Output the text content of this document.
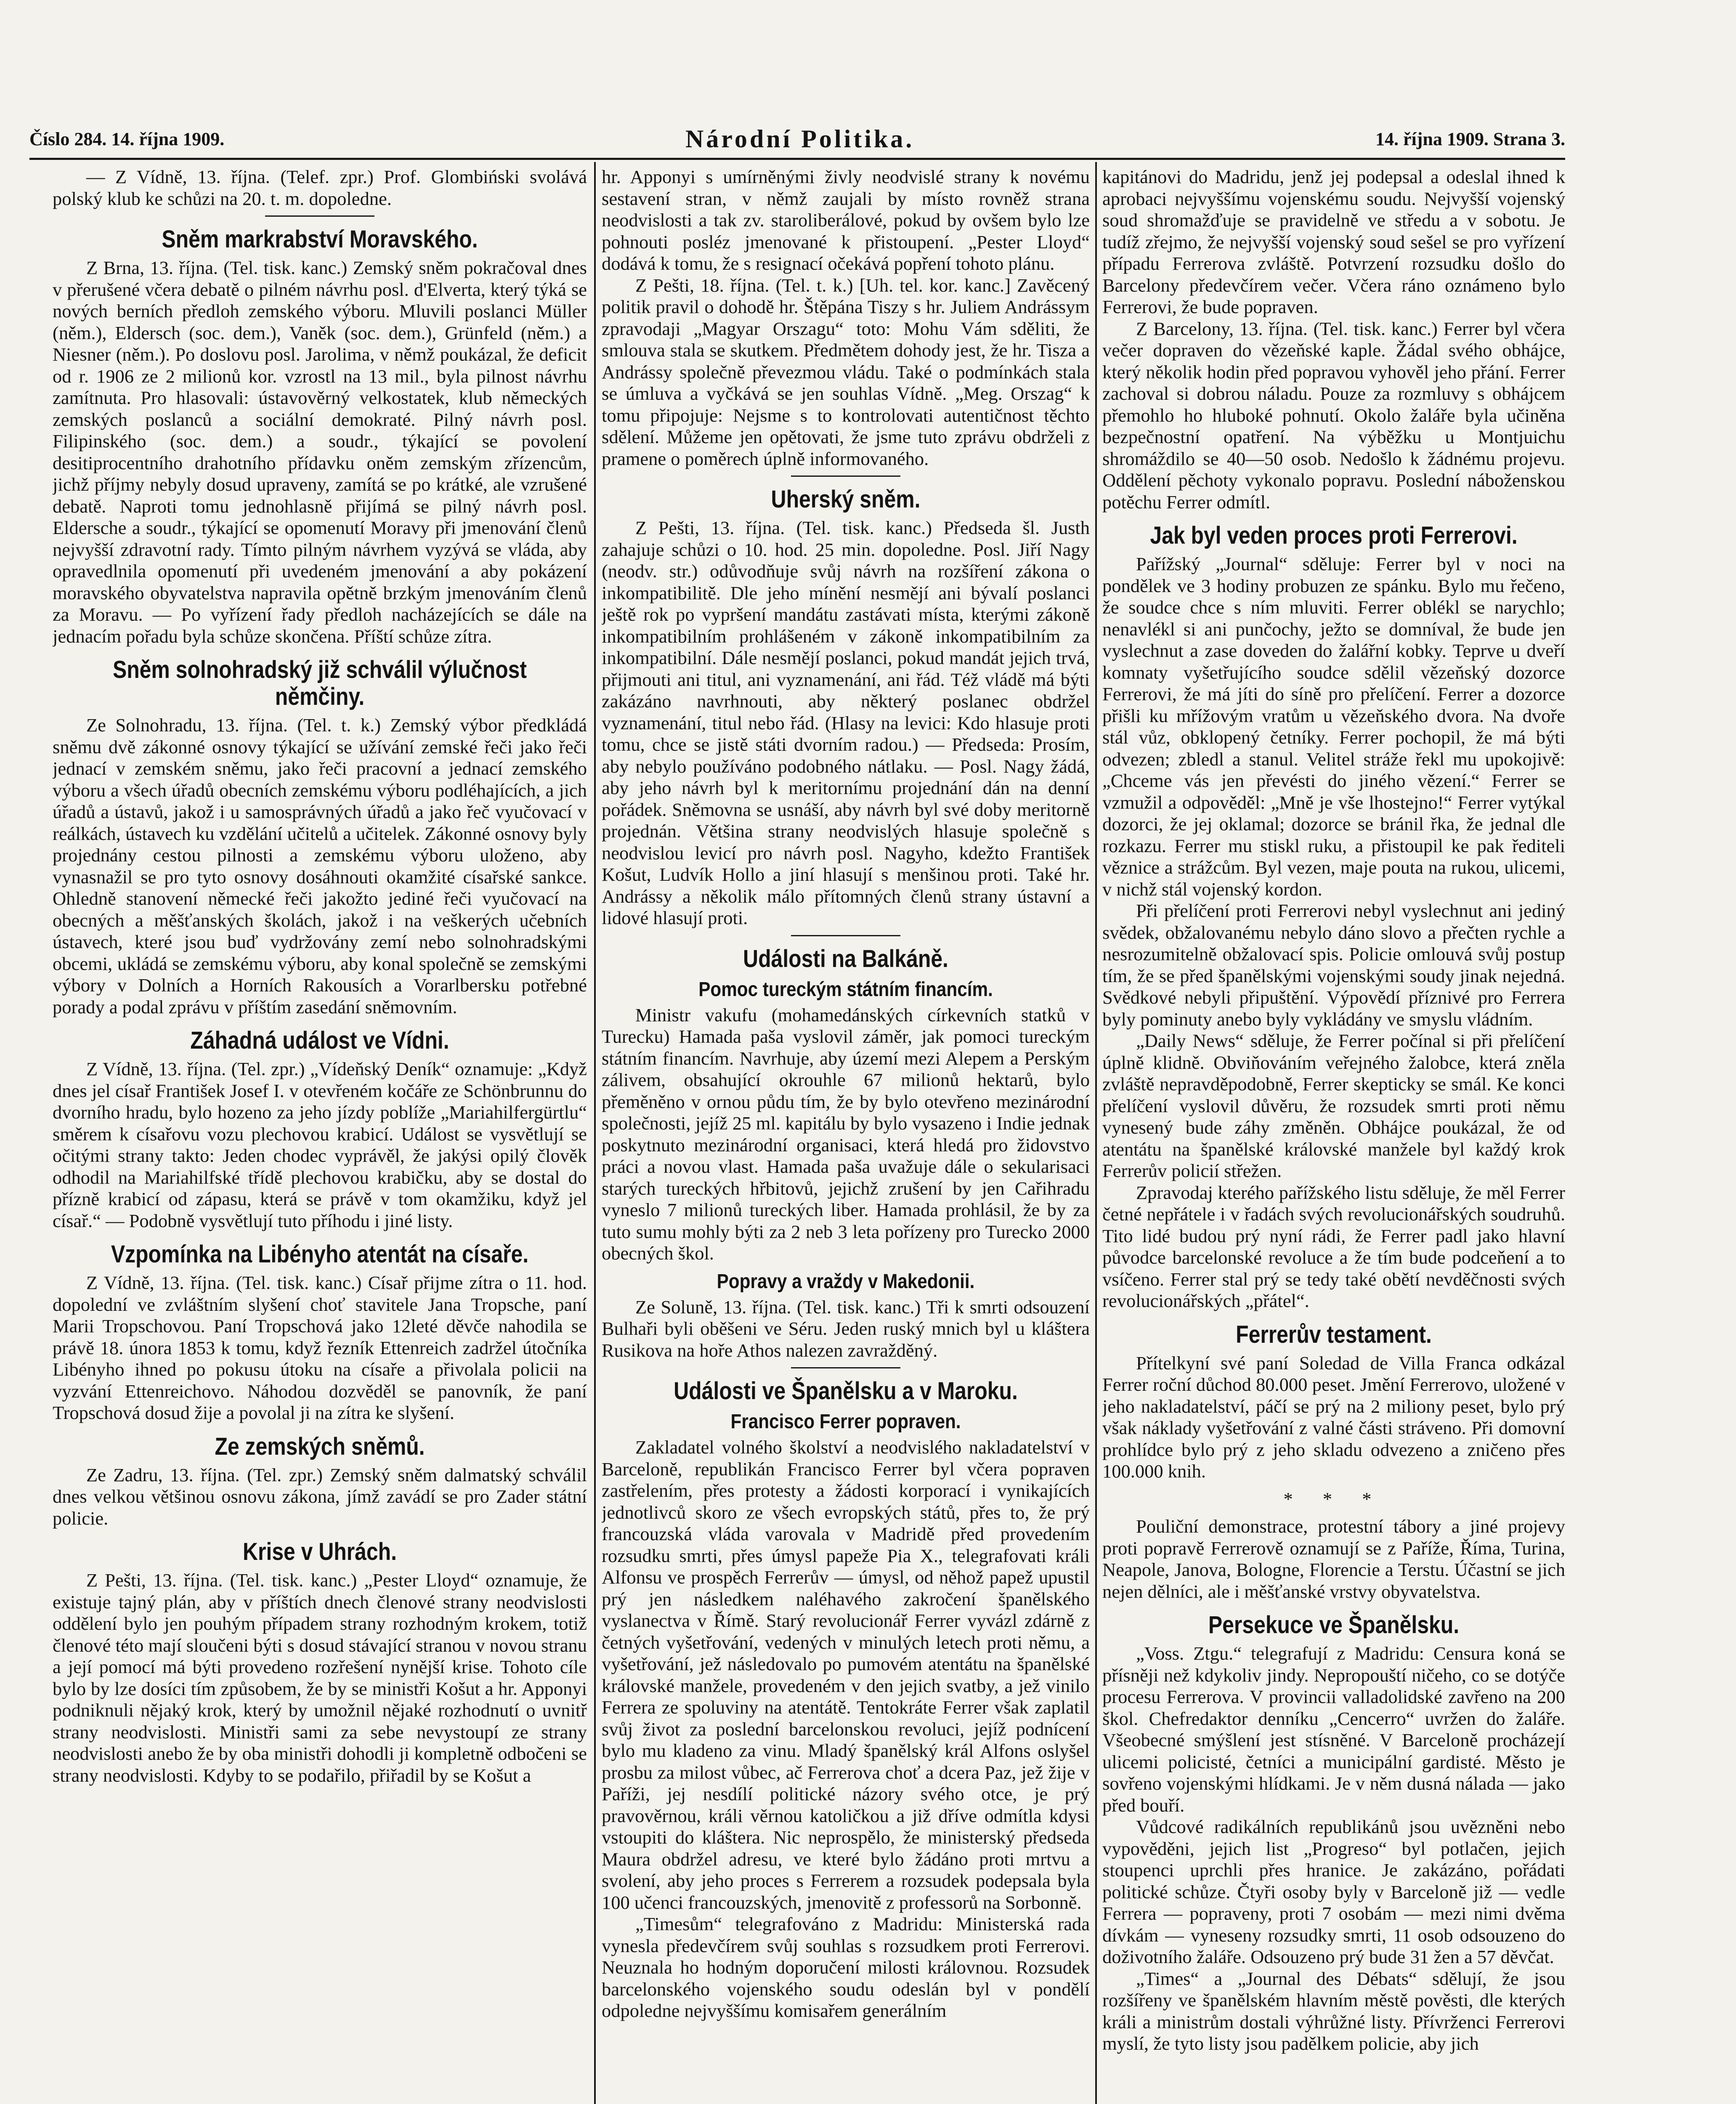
Číslo 284. 14. října 1909.	Národní Politika.	14. října 1909. Strana 3.

— Z Vídně, 13. října. (Telef. zpr.) Prof. Glombiński svolává polský klub ke schůzi na 20. t. m. dopoledne.

Sněm markrabství Moravského.

Z Brna, 13. října. (Tel. tisk. kanc.) Zemský sněm pokračoval dnes v přerušené včera debatě o pilném návrhu posl. d'Elverta, který týká se nových berních předloh zemského výboru. Mluvili poslanci Müller (něm.), Eldersch (soc. dem.), Vaněk (soc. dem.), Grünfeld (něm.) a Niesner (něm.). Po doslovu posl. Jarolima, v němž poukázal, že deficit od r. 1906 ze 2 milionů kor. vzrostl na 13 mil., byla pilnost návrhu zamítnuta. Pro hlasovali: ústavověrný velkostatek, klub německých zemských poslanců a sociální demokraté. Pilný návrh posl. Filipinského (soc. dem.) a soudr., týkající se povolení desitiprocentního drahotního přídavku oněm zemským zřízencům, jichž příjmy nebyly dosud upraveny, zamítá se po krátké, ale vzrušené debatě. Naproti tomu jednohlasně přijímá se pilný návrh posl. Eldersche a soudr., týkající se opomenutí Moravy při jmenování členů nejvyšší zdravotní rady. Tímto pilným návrhem vyzývá se vláda, aby opravedlnila opomenutí při uvedeném jmenování a aby pokázení moravského obyvatelstva napravila opětně brzkým jmenováním členů za Moravu. — Po vyřízení řady předloh nacházejících se dále na jednacím pořadu byla schůze skončena. Příští schůze zítra.

Sněm solnohradský již schválil výlučnost němčiny.

Ze Solnohradu, 13. října. (Tel. t. k.) Zemský výbor předkládá sněmu dvě zákonné osnovy týkající se užívání zemské řeči jako řeči jednací v zemském sněmu, jako řeči pracovní a jednací zemského výboru a všech úřadů obecních zemskému výboru podléhajících, a jich úřadů a ústavů, jakož i u samosprávných úřadů a jako řeč vyučovací v reálkách, ústavech ku vzdělání učitelů a učitelek. Zákonné osnovy byly projednány cestou pilnosti a zemskému výboru uloženo, aby vynasnažil se pro tyto osnovy dosáhnouti okamžité císařské sankce. Ohledně stanovení německé řeči jakožto jediné řeči vyučovací na obecných a měšťanských školách, jakož i na veškerých učebních ústavech, které jsou buď vydržovány zemí nebo solnohradskými obcemi, ukládá se zemskému výboru, aby konal společně se zemskými výbory v Dolních a Horních Rakousích a Vorarlbersku potřebné porady a podal zprávu v příštím zasedání sněmovním.

Záhadná událost ve Vídni.

Z Vídně, 13. října. (Tel. zpr.) „Vídeňský Deník“ oznamuje: „Když dnes jel císař František Josef I. v otevřeném kočáře ze Schönbrunnu do dvorního hradu, bylo hozeno za jeho jízdy poblíže „Mariahilfergürtlu“ směrem k císařovu vozu plechovou krabicí. Událost se vysvětlují se očitými strany takto: Jeden chodec vyprávěl, že jakýsi opilý člověk odhodil na Mariahilfské třídě plechovou krabičku, aby se dostal do přízně krabicí od zápasu, která se právě v tom okamžiku, když jel císař.“ — Podobně vysvětlují tuto příhodu i jiné listy.

Vzpomínka na Libényho atentát na císaře.

Z Vídně, 13. října. (Tel. tisk. kanc.) Císař přijme zítra o 11. hod. dopolední ve zvláštním slyšení choť stavitele Jana Tropsche, paní Marii Tropschovou. Paní Tropschová jako 12leté děvče nahodila se právě 18. února 1853 k tomu, když řezník Ettenreich zadržel útočníka Libényho ihned po pokusu útoku na císaře a přivolala policii na vyzvání Ettenreichovo. Náhodou dozvěděl se panovník, že paní Tropschová dosud žije a povolal ji na zítra ke slyšení.

Ze zemských sněmů.

Ze Zadru, 13. října. (Tel. zpr.) Zemský sněm dalmatský schválil dnes velkou většinou osnovu zákona, jímž zavádí se pro Zader státní policie.

Krise v Uhrách.

Z Pešti, 13. října. (Tel. tisk. kanc.) „Pester Lloyd“ oznamuje, že existuje tajný plán, aby v příštích dnech členové strany neodvislosti oddělení bylo jen pouhým případem strany rozhodným krokem, totiž členové této mají sloučeni býti s dosud stávající stranou v novou stranu a její pomocí má býti provedeno rozřešení nynější krise. Tohoto cíle bylo by lze dosíci tím způsobem, že by se ministři Košut a hr. Apponyi podniknuli nějaký krok, který by umožnil nějaké rozhodnutí o uvnitř strany neodvislosti. Ministři sami za sebe nevystoupí ze strany neodvislosti anebo že by oba ministři dohodli ji kompletně odbočeni se strany neodvislosti. Kdyby to se podařilo, přiřadil by se Košut a

hr. Apponyi s umírněnými živly neodvislé strany k novému sestavení stran, v němž zaujali by místo rovněž strana neodvislosti a tak zv. staroliberálové, pokud by ovšem bylo lze pohnouti posléz jmenované k přistoupení. „Pester Lloyd“ dodává k tomu, že s resignací očekává popření tohoto plánu.

Z Pešti, 18. října. (Tel. t. k.) [Uh. tel. kor. kanc.] Zavěcený politik pravil o dohodě hr. Štěpána Tiszy s hr. Juliem Andrássym zpravodaji „Magyar Orszagu“ toto: Mohu Vám sděliti, že smlouva stala se skutkem. Předmětem dohody jest, že hr. Tisza a Andrássy společně převezmou vládu. Také o podmínkách stala se úmluva a vyčkává se jen souhlas Vídně. „Meg. Orszag“ k tomu připojuje: Nejsme s to kontrolovati autentičnost těchto sdělení. Můžeme jen opětovati, že jsme tuto zprávu obdrželi z pramene o poměrech úplně informovaného.

Uherský sněm.

Z Pešti, 13. října. (Tel. tisk. kanc.) Předseda šl. Justh zahajuje schůzi o 10. hod. 25 min. dopoledne. Posl. Jiří Nagy (neodv. str.) odůvodňuje svůj návrh na rozšíření zákona o inkompatibilitě. Dle jeho mínění nesmějí ani bývalí poslanci ještě rok po vypršení mandátu zastávati místa, kterými zákoně inkompatibilním prohlášeném v zákoně inkompatibilním za inkompatibilní. Dále nesmějí poslanci, pokud mandát jejich trvá, přijmouti ani titul, ani vyznamenání, ani řád. Též vládě má býti zakázáno navrhnouti, aby některý poslanec obdržel vyznamenání, titul nebo řád. (Hlasy na levici: Kdo hlasuje proti tomu, chce se jistě státi dvorním radou.) — Předseda: Prosím, aby nebylo používáno podobného nátlaku. — Posl. Nagy žádá, aby jeho návrh byl k meritornímu projednání dán na denní pořádek. Sněmovna se usnáší, aby návrh byl své doby meritorně projednán. Většina strany neodvislých hlasuje společně s neodvislou levicí pro návrh posl. Nagyho, kdežto František Košut, Ludvík Hollo a jiní hlasují s menšinou proti. Také hr. Andrássy a několik málo přítomných členů strany ústavní a lidové hlasují proti.

Události na Balkáně.
Pomoc tureckým státním financím.

Ministr vakufu (mohamedánských církevních statků v Turecku) Hamada paša vyslovil záměr, jak pomoci tureckým státním financím. Navrhuje, aby území mezi Alepem a Perským zálivem, obsahující okrouhle 67 milionů hektarů, bylo přeměněno v ornou půdu tím, že by bylo otevřeno mezinárodní společnosti, jejíž 25 ml. kapitálu by bylo vysazeno i Indie jednak poskytnuto mezinárodní organisaci, která hledá pro židovstvo práci a novou vlast. Hamada paša uvažuje dále o sekularisaci starých tureckých hřbitovů, jejichž zrušení by jen Cařihradu vyneslo 7 milionů tureckých liber. Hamada prohlásil, že by za tuto sumu mohly býti za 2 neb 3 leta pořízeny pro Turecko 2000 obecných škol.

Popravy a vraždy v Makedonii.

Ze Soluně, 13. října. (Tel. tisk. kanc.) Tři k smrti odsouzení Bulhaři byli oběšeni ve Séru. Jeden ruský mnich byl u kláštera Rusikova na hoře Athos nalezen zavražděný.

Události ve Španělsku a v Maroku.
Francisco Ferrer popraven.

Zakladatel volného školství a neodvislého nakladatelství v Barceloně, republikán Francisco Ferrer byl včera popraven zastřelením, přes protesty a žádosti korporací i vynikajících jednotlivců skoro ze všech evropských států, přes to, že prý francouzská vláda varovala v Madridě před provedením rozsudku smrti, přes úmysl papeže Pia X., telegrafovati králi Alfonsu ve prospěch Ferrerův — úmysl, od něhož papež upustil prý jen následkem naléhavého zakročení španělského vyslanectva v Římě. Starý revolucionář Ferrer vyvázl zdárně z četných vyšetřování, vedených v minulých letech proti němu, a vyšetřování, jež následovalo po pumovém atentátu na španělské královské manžele, provedeném v den jejich svatby, a jež vinilo Ferrera ze spoluviny na atentátě. Tentokráte Ferrer však zaplatil svůj život za poslední barcelonskou revoluci, jejíž podnícení bylo mu kladeno za vinu. Mladý španělský král Alfons oslyšel prosbu za milost vůbec, ač Ferrerova choť a dcera Paz, jež žije v Paříži, jej nesdílí politické názory svého otce, je prý pravověrnou, králi věrnou katoličkou a již dříve odmítla kdysi vstoupiti do kláštera. Nic neprospělo, že ministerský předseda Maura obdržel adresu, ve které bylo žádáno proti mrtvu a svolení, aby jeho proces s Ferrerem a rozsudek podepsala byla 100 učenci francouzských, jmenovitě z professorů na Sorbonně.

„Timesům“ telegrafováno z Madridu: Ministerská rada vynesla předevčírem svůj souhlas s rozsudkem proti Ferrerovi. Neuznala ho hodným doporučení milosti královnou. Rozsudek barcelonského vojenského soudu odeslán byl v pondělí odpoledne nejvyššímu komisařem generálním

kapitánovi do Madridu, jenž jej podepsal a odeslal ihned k aprobaci nejvyššímu vojenskému soudu. Nejvyšší vojenský soud shromažďuje se pravidelně ve středu a v sobotu. Je tudíž zřejmo, že nejvyšší vojenský soud sešel se pro vyřízení případu Ferrerova zvláště. Potvrzení rozsudku došlo do Barcelony předevčírem večer. Včera ráno oznámeno bylo Ferrerovi, že bude popraven.

Z Barcelony, 13. října. (Tel. tisk. kanc.) Ferrer byl včera večer dopraven do vězeňské kaple. Žádal svého obhájce, který několik hodin před popravou vyhověl jeho přání. Ferrer zachoval si dobrou náladu. Pouze za rozmluvy s obhájcem přemohlo ho hluboké pohnutí. Okolo žaláře byla učiněna bezpečnostní opatření. Na výběžku u Montjuichu shromáždilo se 40—50 osob. Nedošlo k žádnému projevu. Oddělení pěchoty vykonalo popravu. Poslední náboženskou potěchu Ferrer odmítl.

Jak byl veden proces proti Ferrerovi.

Pařížský „Journal“ sděluje: Ferrer byl v noci na pondělek ve 3 hodiny probuzen ze spánku. Bylo mu řečeno, že soudce chce s ním mluviti. Ferrer oblékl se narychlo; nenavlékl si ani punčochy, ježto se domníval, že bude jen vyslechnut a zase doveden do žalářní kobky. Teprve u dveří komnaty vyšetřujícího soudce sdělil vězeňský dozorce Ferrerovi, že má jíti do síně pro přelíčení. Ferrer a dozorce přišli ku mřížovým vratům u vězeňského dvora. Na dvoře stál vůz, obklopený četníky. Ferrer pochopil, že má býti odvezen; zbledl a stanul. Velitel stráže řekl mu upokojivě: „Chceme vás jen převésti do jiného vězení.“ Ferrer se vzmužil a odpověděl: „Mně je vše lhostejno!“ Ferrer vytýkal dozorci, že jej oklamal; dozorce se bránil řka, že jednal dle rozkazu. Ferrer mu stiskl ruku, a přistoupil ke pak řediteli věznice a strážcům. Byl vezen, maje pouta na rukou, ulicemi, v nichž stál vojenský kordon.

Při přelíčení proti Ferrerovi nebyl vyslechnut ani jediný svědek, obžalovanému nebylo dáno slovo a přečten rychle a nesrozumitelně obžalovací spis. Policie omlouvá svůj postup tím, že se před španělskými vojenskými soudy jinak nejedná. Svědkové nebyli připuštění. Výpovědí příznivé pro Ferrera byly pominuty anebo byly vykládány ve smyslu vládním.

„Daily News“ sděluje, že Ferrer počínal si při přelíčení úplně klidně. Obviňováním veřejného žalobce, která zněla zvláště nepravděpodobně, Ferrer skepticky se smál. Ke konci přelíčení vyslovil důvěru, že rozsudek smrti proti němu vynesený bude záhy změněn. Obhájce poukázal, že od atentátu na španělské královské manžele byl každý krok Ferrerův policií střežen.

Zpravodaj kterého pařížského listu sděluje, že měl Ferrer četné nepřátele i v řadách svých revolucionářských soudruhů. Tito lidé budou prý nyní rádi, že Ferrer padl jako hlavní původce barcelonské revoluce a že tím bude podceňení a to vsíčeno. Ferrer stal prý se tedy také obětí nevděčnosti svých revolucionářských „přátel“.

Ferrerův testament.

Přítelkyní své paní Soledad de Villa Franca odkázal Ferrer roční důchod 80.000 peset. Jmění Ferrerovo, uložené v jeho nakladatelství, páčí se prý na 2 miliony peset, bylo prý však náklady vyšetřování z valné části stráveno. Při domovní prohlídce bylo prý z jeho skladu odvezeno a zničeno přes 100.000 knih.

* * *

Pouliční demonstrace, protestní tábory a jiné projevy proti popravě Ferrerově oznamují se z Paříže, Říma, Turina, Neapole, Janova, Bologne, Florencie a Terstu. Účastní se jich nejen dělníci, ale i měšťanské vrstvy obyvatelstva.

Persekuce ve Španělsku.

„Voss. Ztgu.“ telegrafují z Madridu: Censura koná se přísněji než kdykoliv jindy. Nepropouští ničeho, co se dotýče procesu Ferrerova. V provincii valladolidské zavřeno na 200 škol. Chefredaktor denníku „Cencerro“ uvržen do žaláře. Všeobecné smýšlení jest stísněné. V Barceloně procházejí ulicemi policisté, četníci a municipální gardisté. Město je sovřeno vojenskými hlídkami. Je v něm dusná nálada — jako před bouří.

Vůdcové radikálních republikánů jsou uvězněni nebo vypověděni, jejich list „Progreso“ byl potlačen, jejich stoupenci uprchli přes hranice. Je zakázáno, pořádati politické schůze. Čtyři osoby byly v Barceloně již — vedle Ferrera — popraveny, proti 7 osobám — mezi nimi dvěma dívkám — vyneseny rozsudky smrti, 11 osob odsouzeno do doživotního žaláře. Odsouzeno prý bude 31 žen a 57 děvčat.

„Times“ a „Journal des Débats“ sdělují, že jsou rozšířeny ve španělském hlavním městě pověsti, dle kterých králi a ministrům dostali výhrůžné listy. Přívrženci Ferrerovi myslí, že tyto listy jsou padělkem policie, aby jich
